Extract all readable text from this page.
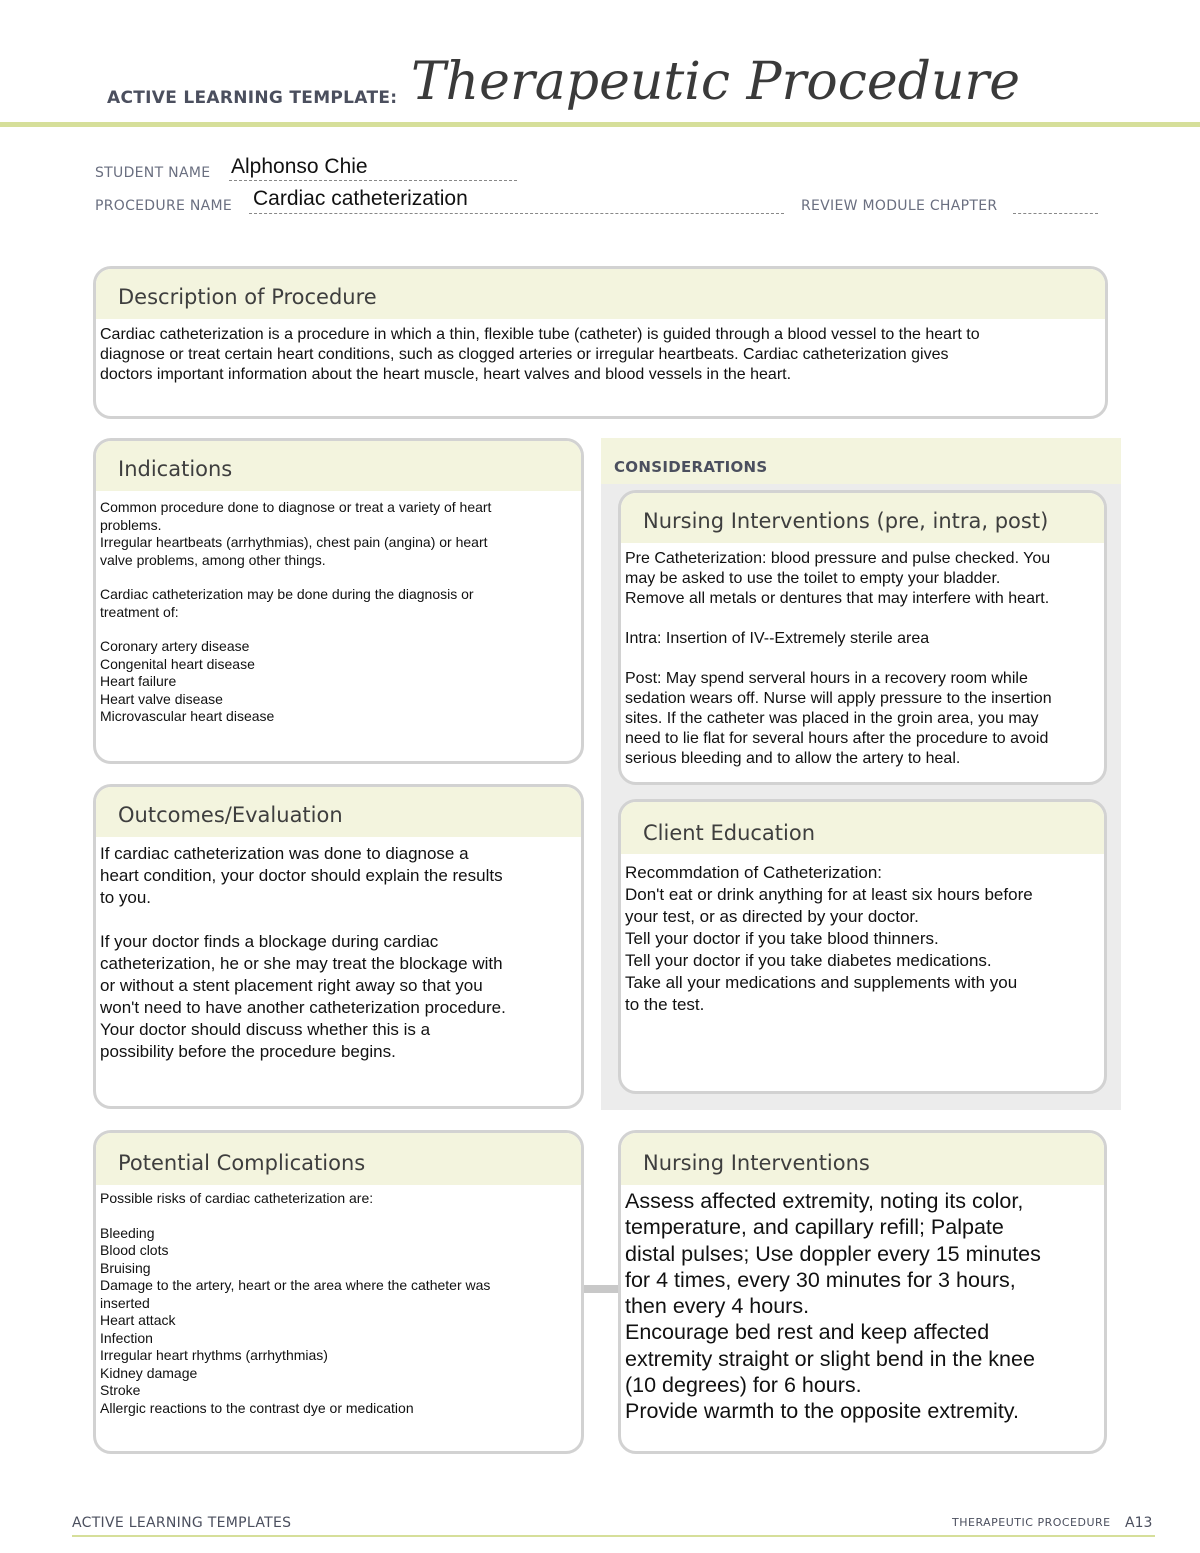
ACTIVE LEARNING TEMPLATE: Therapeutic Procedure
STUDENT NAME Alphonso Chie
PROCEDURE NAME Cardiac catheterization	REVIEW MODULE CHAPTER
Description of Procedure
Cardiac catheterization is a procedure in which a thin, flexible tube (catheter) is guided through a blood vessel to the heart to
diagnose or treat certain heart conditions, such as clogged arteries or irregular heartbeats. Cardiac catheterization gives
doctors important information about the heart muscle, heart valves and blood vessels in the heart.
Indications
Common procedure done to diagnose or treat a variety of heart
problems.
Irregular heartbeats (arrhythmias), chest pain (angina) or heart
valve problems, among other things.
Cardiac catheterization may be done during the diagnosis or
treatment of:
Coronary artery disease
Congenital heart disease
Heart failure
Heart valve disease
Microvascular heart disease
CONSIDERATIONS
Nursing Interventions (pre, intra, post)
Pre Catheterization: blood pressure and pulse checked. You
may be asked to use the toilet to empty your bladder.
Remove all metals or dentures that may interfere with heart.
Intra: Insertion of IV--Extremely sterile area
Post: May spend serveral hours in a recovery room while
sedation wears off. Nurse will apply pressure to the insertion
sites. If the catheter was placed in the groin area, you may
need to lie flat for several hours after the procedure to avoid
serious bleeding and to allow the artery to heal.
Outcomes/Evaluation
If cardiac catheterization was done to diagnose a
heart condition, your doctor should explain the results
to you.
If your doctor finds a blockage during cardiac
catheterization, he or she may treat the blockage with
or without a stent placement right away so that you
won't need to have another catheterization procedure.
Your doctor should discuss whether this is a
possibility before the procedure begins.
Client Education
Recommdation of Catheterization:
Don't eat or drink anything for at least six hours before
your test, or as directed by your doctor.
Tell your doctor if you take blood thinners.
Tell your doctor if you take diabetes medications.
Take all your medications and supplements with you
to the test.
Potential Complications
Possible risks of cardiac catheterization are:
Bleeding
Blood clots
Bruising
Damage to the artery, heart or the area where the catheter was
inserted
Heart attack
Infection
Irregular heart rhythms (arrhythmias)
Kidney damage
Stroke
Allergic reactions to the contrast dye or medication
Nursing Interventions
Assess affected extremity, noting its color,
temperature, and capillary refill; Palpate
distal pulses; Use doppler every 15 minutes
for 4 times, every 30 minutes for 3 hours,
then every 4 hours.
Encourage bed rest and keep affected
extremity straight or slight bend in the knee
(10 degrees) for 6 hours.
Provide warmth to the opposite extremity.
ACTIVE LEARNING TEMPLATES	THERAPEUTIC PROCEDURE A13
